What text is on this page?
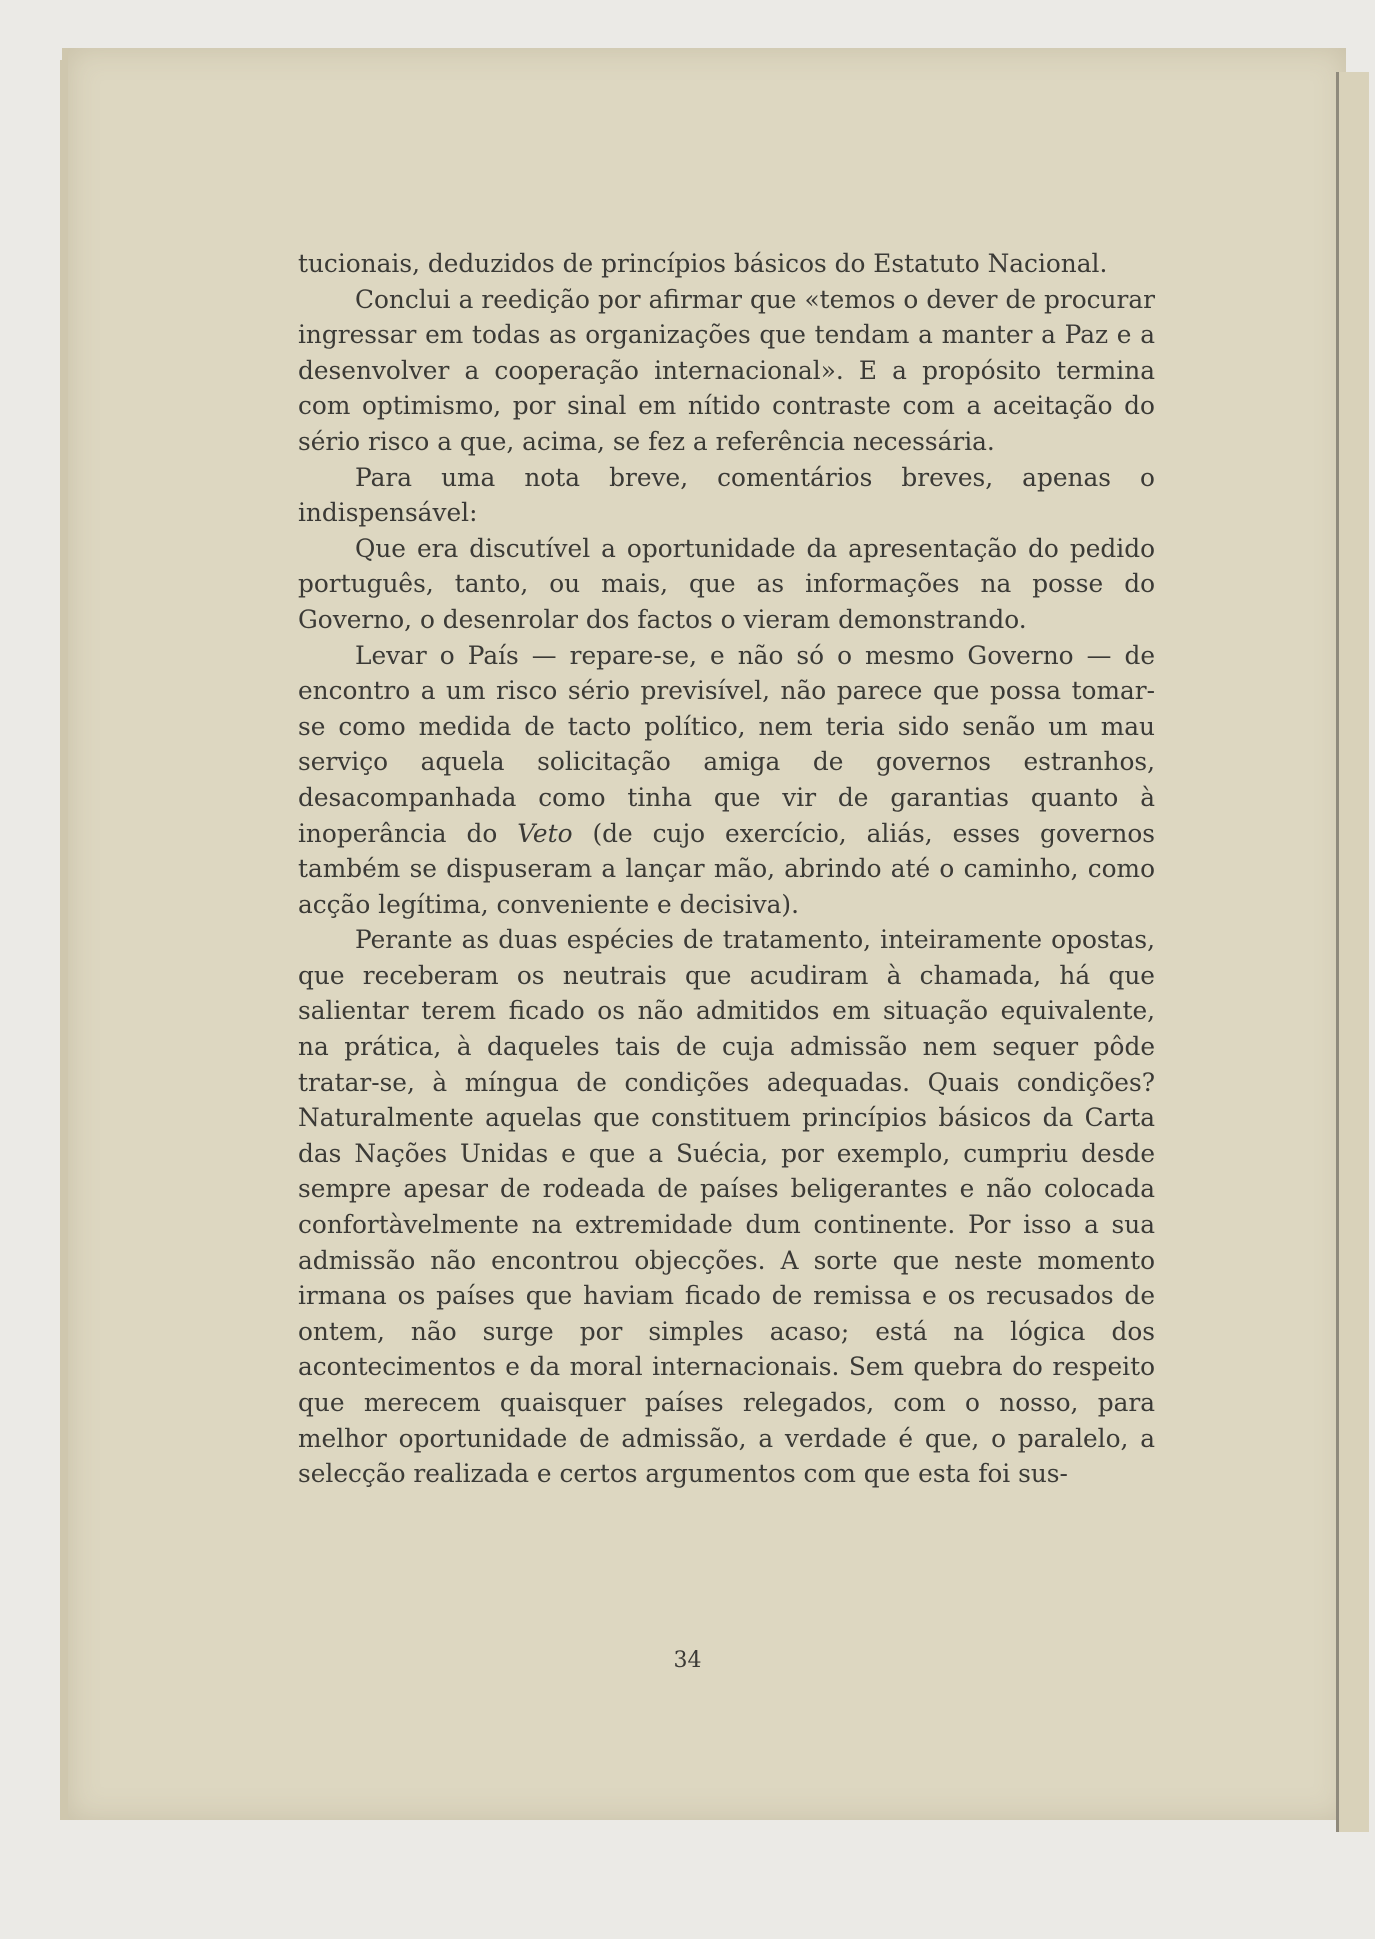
tucionais, deduzidos de princípios básicos do Estatuto Nacional.

Conclui a reedição por afirmar que «temos o dever de procurar ingressar em todas as organizações que tendam a manter a Paz e a desenvolver a cooperação internacional». E a propósito termina com optimismo, por sinal em nítido contraste com a aceitação do sério risco a que, acima, se fez a referência necessária.

Para uma nota breve, comentários breves, apenas o indispensável:

Que era discutível a oportunidade da apresentação do pedido português, tanto, ou mais, que as informações na posse do Governo, o desenrolar dos factos o vieram demonstrando.

Levar o País — repare-se, e não só o mesmo Governo — de encontro a um risco sério previsível, não parece que possa tomar-se como medida de tacto político, nem teria sido senão um mau serviço aquela solicitação amiga de governos estranhos, desacompanhada como tinha que vir de garantias quanto à inoperância do Veto (de cujo exercício, aliás, esses governos também se dispuseram a lançar mão, abrindo até o caminho, como acção legítima, conveniente e decisiva).

Perante as duas espécies de tratamento, inteiramente opostas, que receberam os neutrais que acudiram à chamada, há que salientar terem ficado os não admitidos em situação equivalente, na prática, à daqueles tais de cuja admissão nem sequer pôde tratar-se, à míngua de condições adequadas. Quais condições? Naturalmente aquelas que constituem princípios básicos da Carta das Nações Unidas e que a Suécia, por exemplo, cumpriu desde sempre apesar de rodeada de países beligerantes e não colocada confortàvelmente na extremidade dum continente. Por isso a sua admissão não encontrou objecções. A sorte que neste momento irmana os países que haviam ficado de remissa e os recusados de ontem, não surge por simples acaso; está na lógica dos acontecimentos e da moral internacionais. Sem quebra do respeito que merecem quaisquer países relegados, com o nosso, para melhor oportunidade de admissão, a verdade é que, o paralelo, a selecção realizada e certos argumentos com que esta foi sus-

34
